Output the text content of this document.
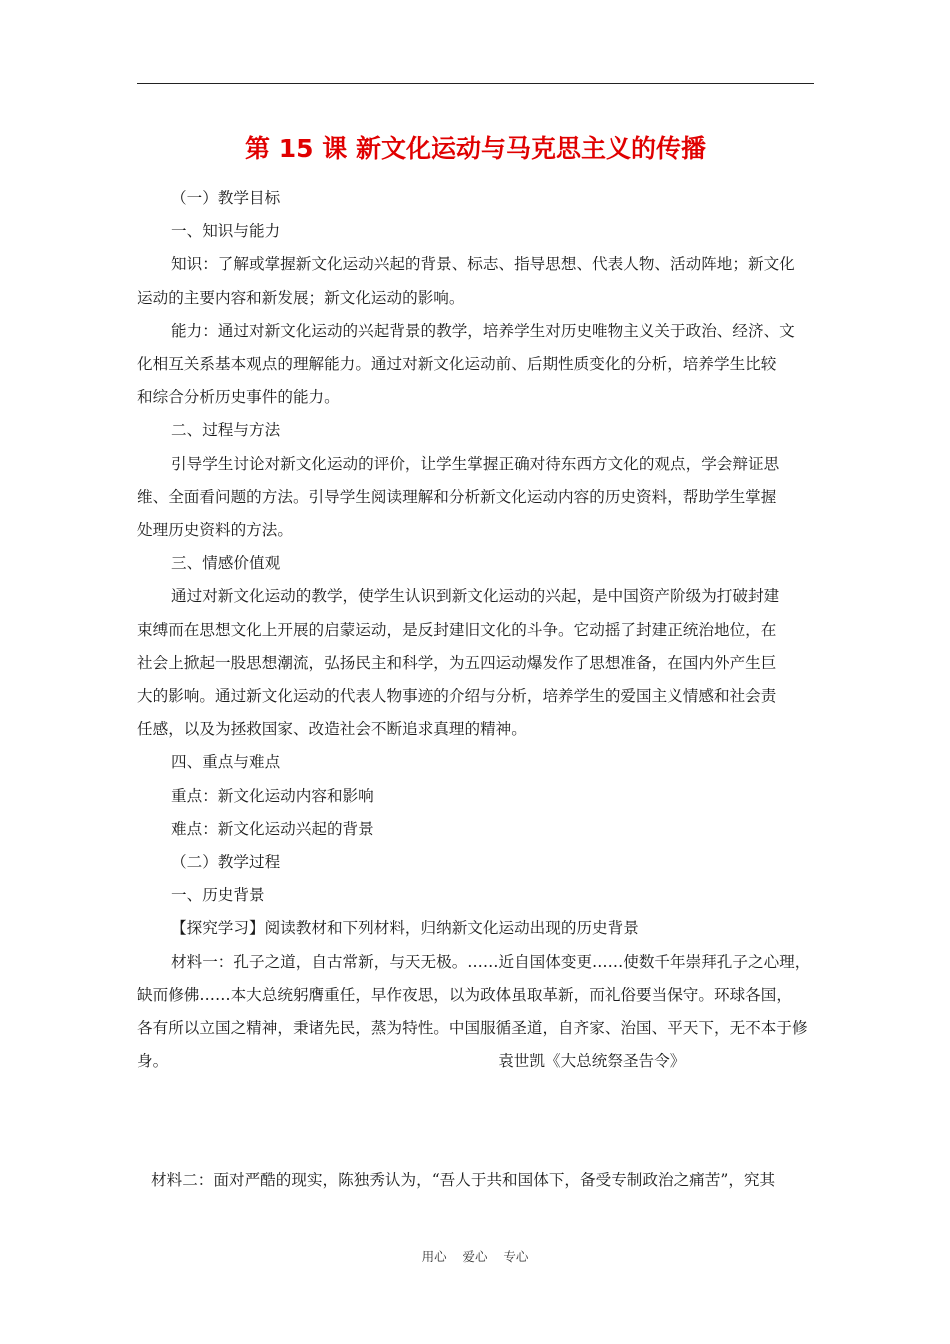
第 15 课 新文化运动与马克思主义的传播
（一）教学目标
一、知识与能力
知识：了解或掌握新文化运动兴起的背景、标志、指导思想、代表人物、活动阵地；新文化
运动的主要内容和新发展；新文化运动的影响。
能力：通过对新文化运动的兴起背景的教学，培养学生对历史唯物主义关于政治、经济、文
化相互关系基本观点的理解能力。通过对新文化运动前、后期性质变化的分析，培养学生比较
和综合分析历史事件的能力。
二、过程与方法
引导学生讨论对新文化运动的评价，让学生掌握正确对待东西方文化的观点，学会辩证思
维、全面看问题的方法。引导学生阅读理解和分析新文化运动内容的历史资料，帮助学生掌握
处理历史资料的方法。
三、情感价值观
通过对新文化运动的教学，使学生认识到新文化运动的兴起，是中国资产阶级为打破封建
束缚而在思想文化上开展的启蒙运动，是反封建旧文化的斗争。它动摇了封建正统治地位，在
社会上掀起一股思想潮流，弘扬民主和科学，为五四运动爆发作了思想准备，在国内外产生巨
大的影响。通过新文化运动的代表人物事迹的介绍与分析，培养学生的爱国主义情感和社会责
任感，以及为拯救国家、改造社会不断追求真理的精神。
四、重点与难点
重点：新文化运动内容和影响
难点：新文化运动兴起的背景
（二）教学过程
一、历史背景
【探究学习】阅读教材和下列材料，归纳新文化运动出现的历史背景
材料一：孔子之道，自古常新，与天无极。……近自国体变更……使数千年崇拜孔子之心理，
缺而修佛……本大总统躬膺重任，早作夜思，以为政体虽取革新，而礼俗要当保守。环球各国，
各有所以立国之精神，秉诸先民，蒸为特性。中国服循圣道，自齐家、治国、平天下，无不本于修
身。	袁世凯《大总统祭圣告令》
材料二：面对严酷的现实，陈独秀认为，“吾人于共和国体下，备受专制政治之痛苦”，究其
用心    爱心    专心
